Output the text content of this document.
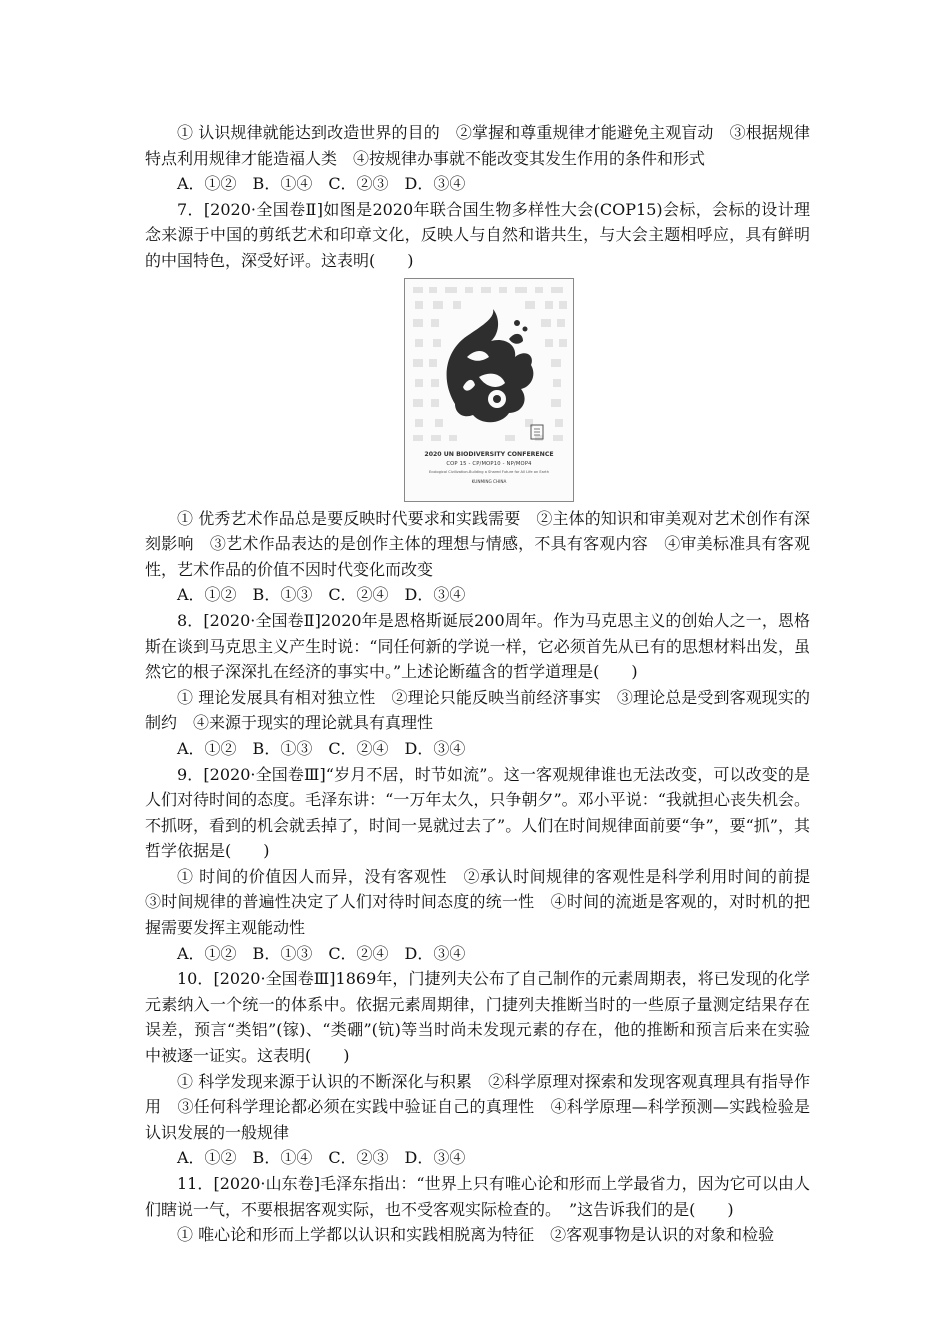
① 认识规律就能达到改造世界的目的　②掌握和尊重规律才能避免主观盲动　③根据规律特点利用规律才能造福人类　④按规律办事就不能改变其发生作用的条件和形式

A．①②　B．①④　C．②③　D．③④

7．[2020·全国卷Ⅱ]如图是2020年联合国生物多样性大会(COP15)会标，会标的设计理念来源于中国的剪纸艺术和印章文化，反映人与自然和谐共生，与大会主题相呼应，具有鲜明的中国特色，深受好评。这表明(　　)

2020 UN BIODIVERSITY CONFERENCE
COP 15 - CP/MOP10 - NP/MOP4
Ecological Civilization-Building a Shared Future for All Life on Earth
KUNMING CHINA

① 优秀艺术作品总是要反映时代要求和实践需要　②主体的知识和审美观对艺术创作有深刻影响　③艺术作品表达的是创作主体的理想与情感，不具有客观内容　④审美标准具有客观性，艺术作品的价值不因时代变化而改变

A．①②　B．①③　C．②④　D．③④

8．[2020·全国卷Ⅱ]2020年是恩格斯诞辰200周年。作为马克思主义的创始人之一，恩格斯在谈到马克思主义产生时说：“同任何新的学说一样，它必须首先从已有的思想材料出发，虽然它的根子深深扎在经济的事实中。”上述论断蕴含的哲学道理是(　　)

① 理论发展具有相对独立性　②理论只能反映当前经济事实　③理论总是受到客观现实的制约　④来源于现实的理论就具有真理性

A．①②　B．①③　C．②④　D．③④

9．[2020·全国卷Ⅲ]“岁月不居，时节如流”。这一客观规律谁也无法改变，可以改变的是人们对待时间的态度。毛泽东讲：“一万年太久，只争朝夕”。邓小平说：“我就担心丧失机会。不抓呀，看到的机会就丢掉了，时间一晃就过去了”。人们在时间规律面前要“争”，要“抓”，其哲学依据是(　　)

① 时间的价值因人而异，没有客观性　②承认时间规律的客观性是科学利用时间的前提　③时间规律的普遍性决定了人们对待时间态度的统一性　④时间的流逝是客观的，对时机的把握需要发挥主观能动性

A．①②　B．①③　C．②④　D．③④

10．[2020·全国卷Ⅲ]1869年，门捷列夫公布了自己制作的元素周期表，将已发现的化学元素纳入一个统一的体系中。依据元素周期律，门捷列夫推断当时的一些原子量测定结果存在误差，预言“类铝”(镓)、“类硼”(钪)等当时尚未发现元素的存在，他的推断和预言后来在实验中被逐一证实。这表明(　　)

① 科学发现来源于认识的不断深化与积累　②科学原理对探索和发现客观真理具有指导作用　③任何科学理论都必须在实践中验证自己的真理性　④科学原理—科学预测—实践检验是认识发展的一般规律

A．①②　B．①④　C．②③　D．③④

11．[2020·山东卷]毛泽东指出：“世界上只有唯心论和形而上学最省力，因为它可以由人们瞎说一气，不要根据客观实际，也不受客观实际检查的。　”这告诉我们的是(　　)

① 唯心论和形而上学都以认识和实践相脱离为特征　②客观事物是认识的对象和检验
